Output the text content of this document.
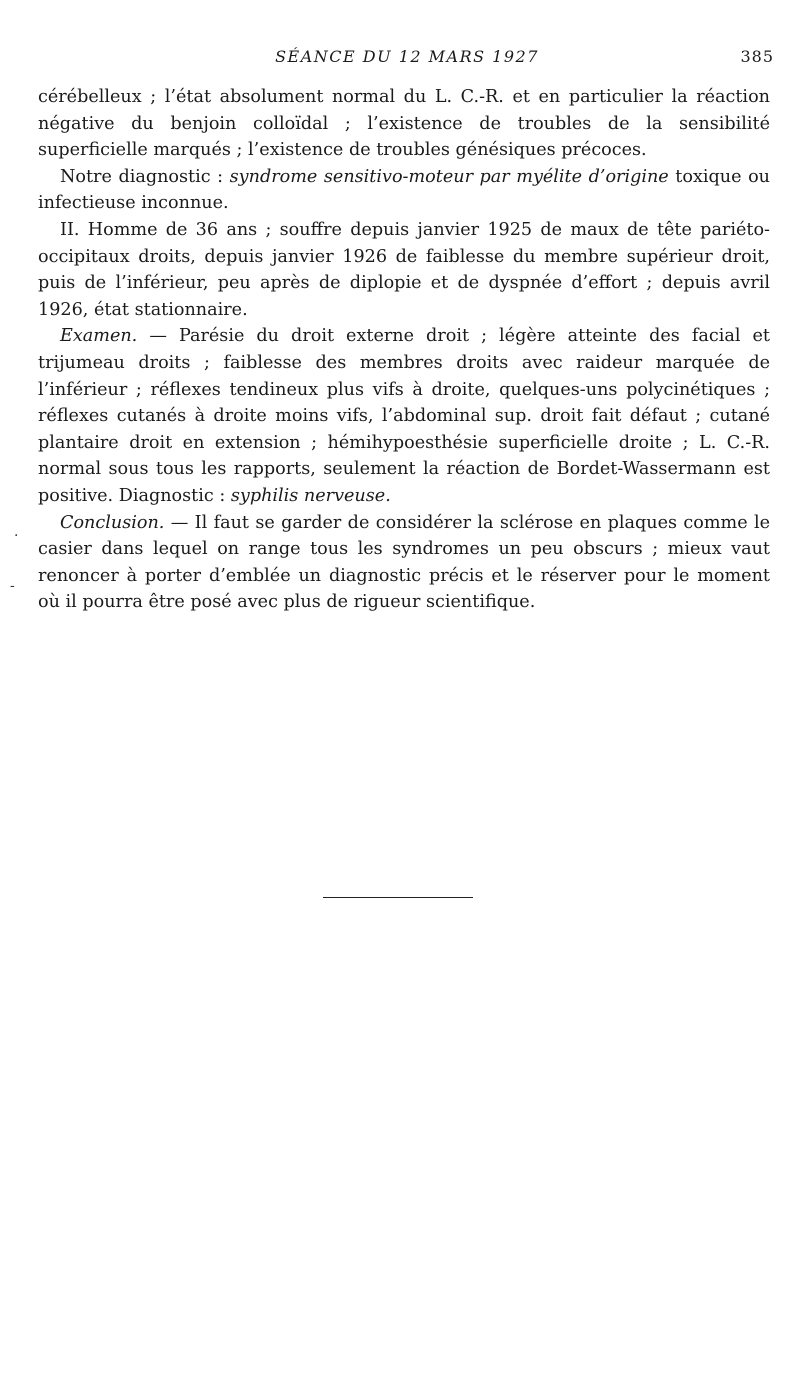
SÉANCE DU 12 MARS 1927	385

cérébelleux ; l’état absolument normal du L. C.-R. et en particulier la réaction négative du benjoin colloïdal ; l’existence de troubles de la sensibilité superficielle marqués ; l’existence de troubles génésiques précoces.

Notre diagnostic : syndrome sensitivo-moteur par myélite d’origine toxique ou infectieuse inconnue.

II. Homme de 36 ans ; souffre depuis janvier 1925 de maux de tête pariéto-occipitaux droits, depuis janvier 1926 de faiblesse du membre supérieur droit, puis de l’inférieur, peu après de diplopie et de dyspnée d’effort ; depuis avril 1926, état stationnaire.

Examen. — Parésie du droit externe droit ; légère atteinte des facial et trijumeau droits ; faiblesse des membres droits avec raideur marquée de l’inférieur ; réflexes tendineux plus vifs à droite, quelques-uns polycinétiques ; réflexes cutanés à droite moins vifs, l’abdominal sup. droit fait défaut ; cutané plantaire droit en extension ; hémihypoesthésie superficielle droite ; L. C.-R. normal sous tous les rapports, seulement la réaction de Bordet-Wassermann est positive. Diagnostic : syphilis nerveuse.

Conclusion. — Il faut se garder de considérer la sclérose en plaques comme le casier dans lequel on range tous les syndromes un peu obscurs ; mieux vaut renoncer à porter d’emblée un diagnostic précis et le réserver pour le moment où il pourra être posé avec plus de rigueur scientifique.

·
-
